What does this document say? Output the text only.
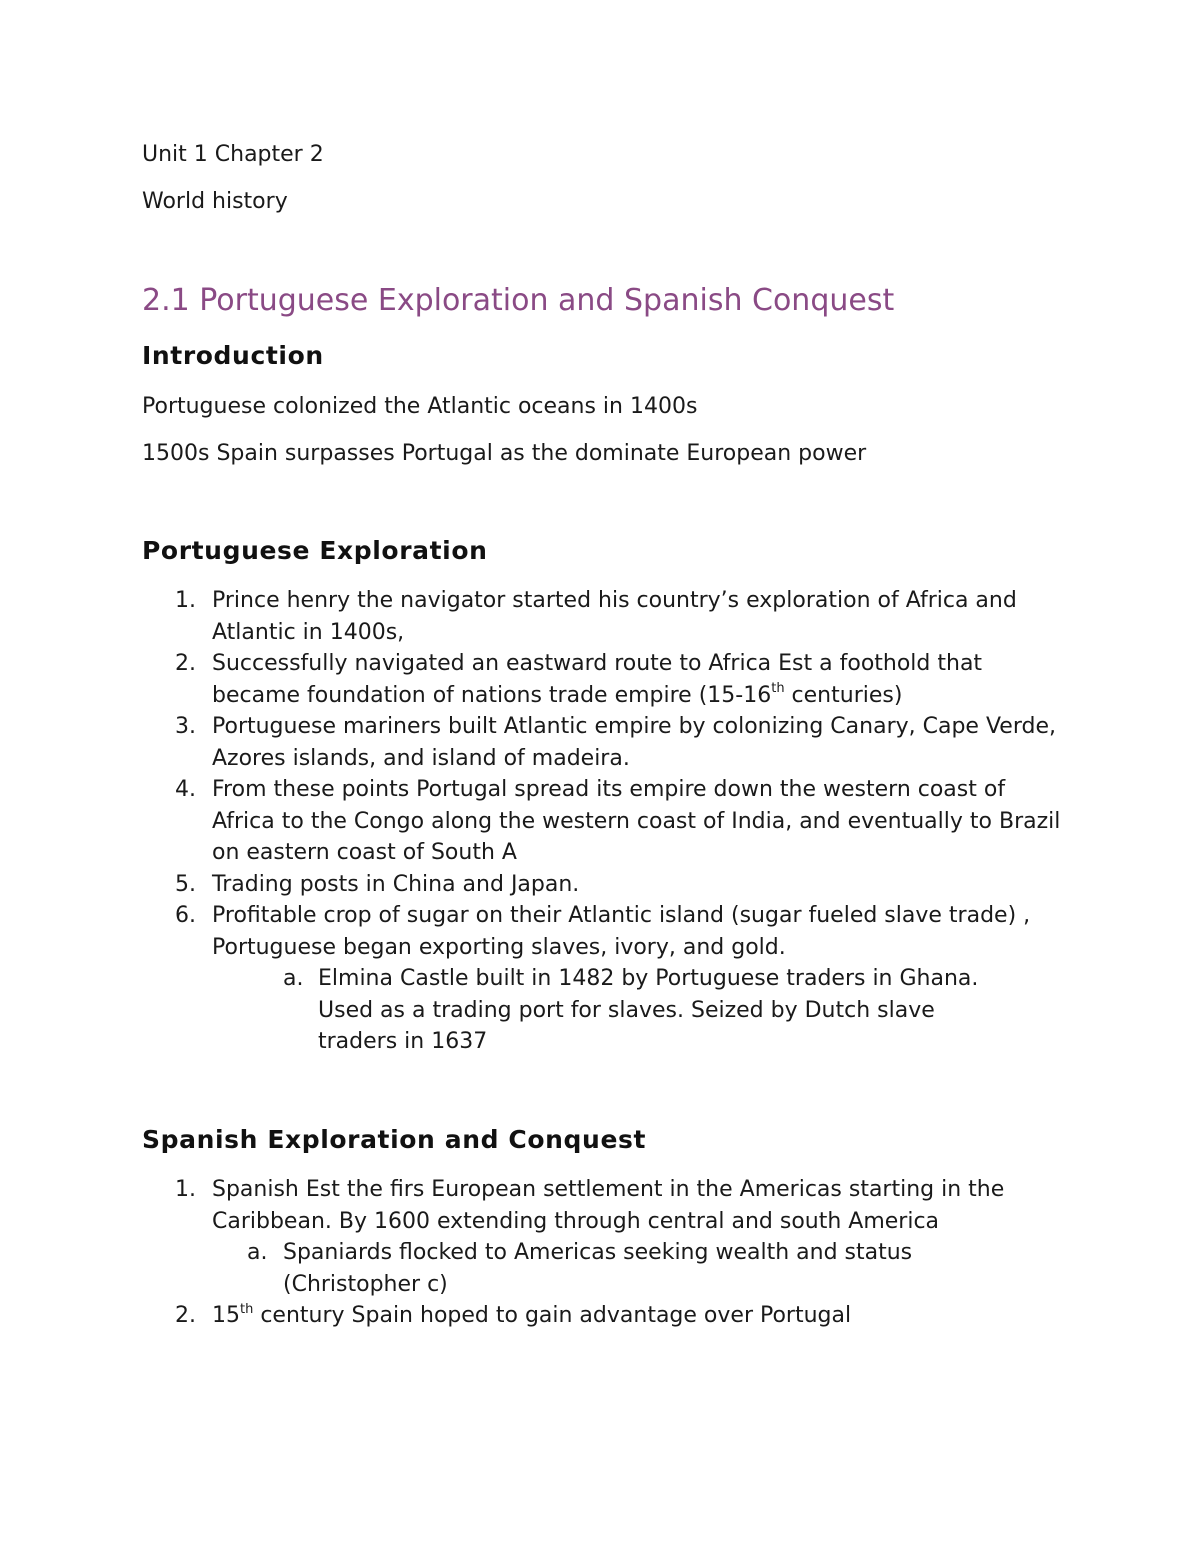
Unit 1 Chapter 2

World history

2.1 Portuguese Exploration and Spanish Conquest
Introduction

Portuguese colonized the Atlantic oceans in 1400s

1500s Spain surpasses Portugal as the dominate European power

Portuguese Exploration
1. Prince henry the navigator started his country’s exploration of Africa and Atlantic in 1400s,
2. Successfully navigated an eastward route to Africa Est a foothold that became foundation of nations trade empire (15-16th centuries)
3. Portuguese mariners built Atlantic empire by colonizing Canary, Cape Verde, Azores islands, and island of madeira.
4. From these points Portugal spread its empire down the western coast of Africa to the Congo along the western coast of India, and eventually to Brazil on eastern coast of South A
5. Trading posts in China and Japan.
6. Profitable crop of sugar on their Atlantic island (sugar fueled slave trade) , Portuguese began exporting slaves, ivory, and gold.
a. Elmina Castle built in 1482 by Portuguese traders in Ghana. Used as a trading port for slaves. Seized by Dutch slave traders in 1637
Spanish Exploration and Conquest
1. Spanish Est the firs European settlement in the Americas starting in the Caribbean. By 1600 extending through central and south America
a. Spaniards flocked to Americas seeking wealth and status (Christopher c)
2. 15th century Spain hoped to gain advantage over Portugal
